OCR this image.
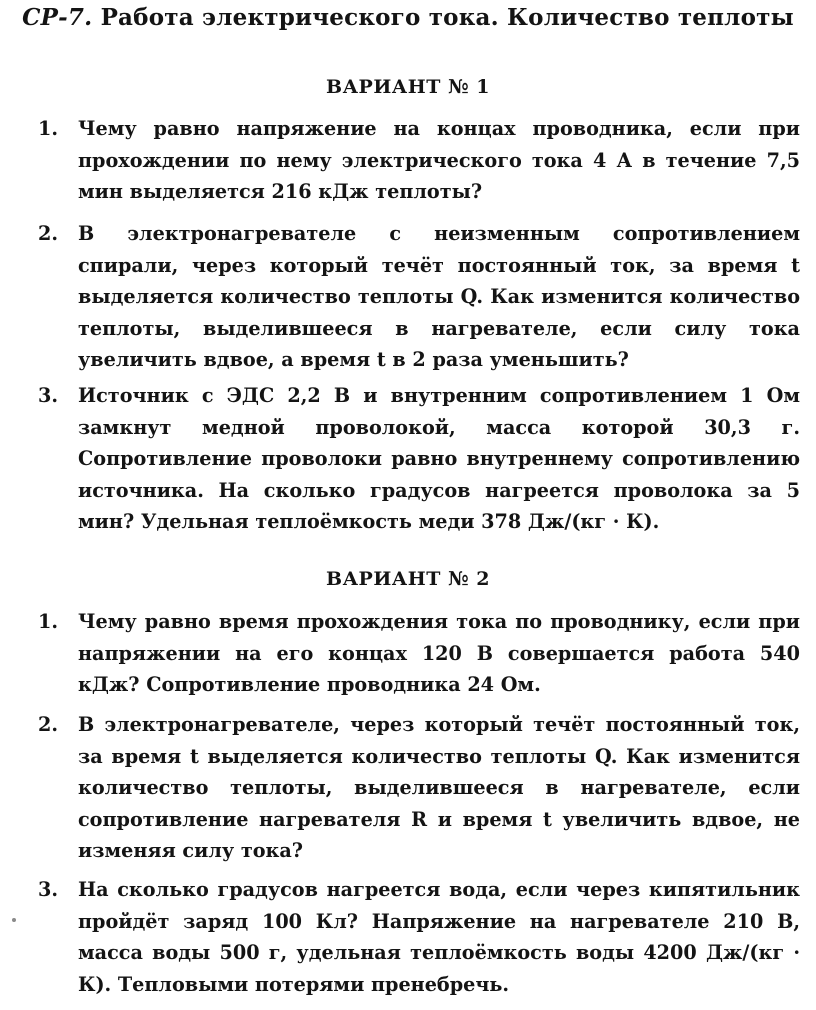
СР-7. Работа электрического тока. Количество теплоты
ВАРИАНТ № 1
1. Чему равно напряжение на концах проводника, если при прохождении по нему электрического тока 4 А в течение 7,5 мин выделяется 216 кДж теплоты?
2. В электронагревателе с неизменным сопротивлением спирали, через который течёт постоянный ток, за время t выделяется количество теплоты Q. Как изменится количество теплоты, выделившееся в нагревателе, если силу тока увеличить вдвое, а время t в 2 раза уменьшить?
3. Источник с ЭДС 2,2 В и внутренним сопротивлением 1 Ом замкнут медной проволокой, масса которой 30,3 г. Сопротивление проволоки равно внутреннему сопротивлению источника. На сколько градусов нагреется проволока за 5 мин? Удельная теплоёмкость меди 378 Дж/(кг · К).
ВАРИАНТ № 2
1. Чему равно время прохождения тока по проводнику, если при напряжении на его концах 120 В совершается работа 540 кДж? Сопротивление проводника 24 Ом.
2. В электронагревателе, через который течёт постоянный ток, за время t выделяется количество теплоты Q. Как изменится количество теплоты, выделившееся в нагревателе, если сопротивление нагревателя R и время t увеличить вдвое, не изменяя силу тока?
3. На сколько градусов нагреется вода, если через кипятильник пройдёт заряд 100 Кл? Напряжение на нагревателе 210 В, масса воды 500 г, удельная теплоёмкость воды 4200 Дж/(кг · К). Тепловыми потерями пренебречь.
